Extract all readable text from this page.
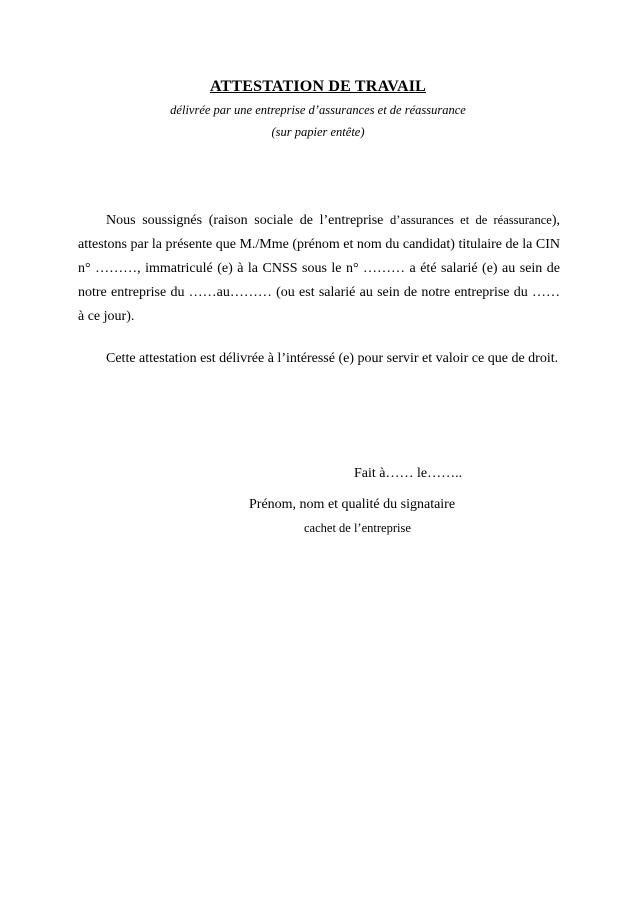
ATTESTATION DE TRAVAIL
délivrée par une entreprise d’assurances et de réassurance
(sur papier entête)
Nous soussignés (raison sociale de l’entreprise d’assurances et de réassurance), attestons par la présente que M./Mme (prénom et nom du candidat) titulaire de la CIN n° ………, immatriculé (e) à la CNSS sous le n° ……… a été salarié (e) au sein de notre entreprise du ……au……… (ou est salarié au sein de notre entreprise du …… à ce jour).
Cette attestation est délivrée à l’intéressé (e) pour servir et valoir ce que de droit.
Fait à…… le……..
Prénom, nom et qualité du signataire
cachet de l’entreprise
